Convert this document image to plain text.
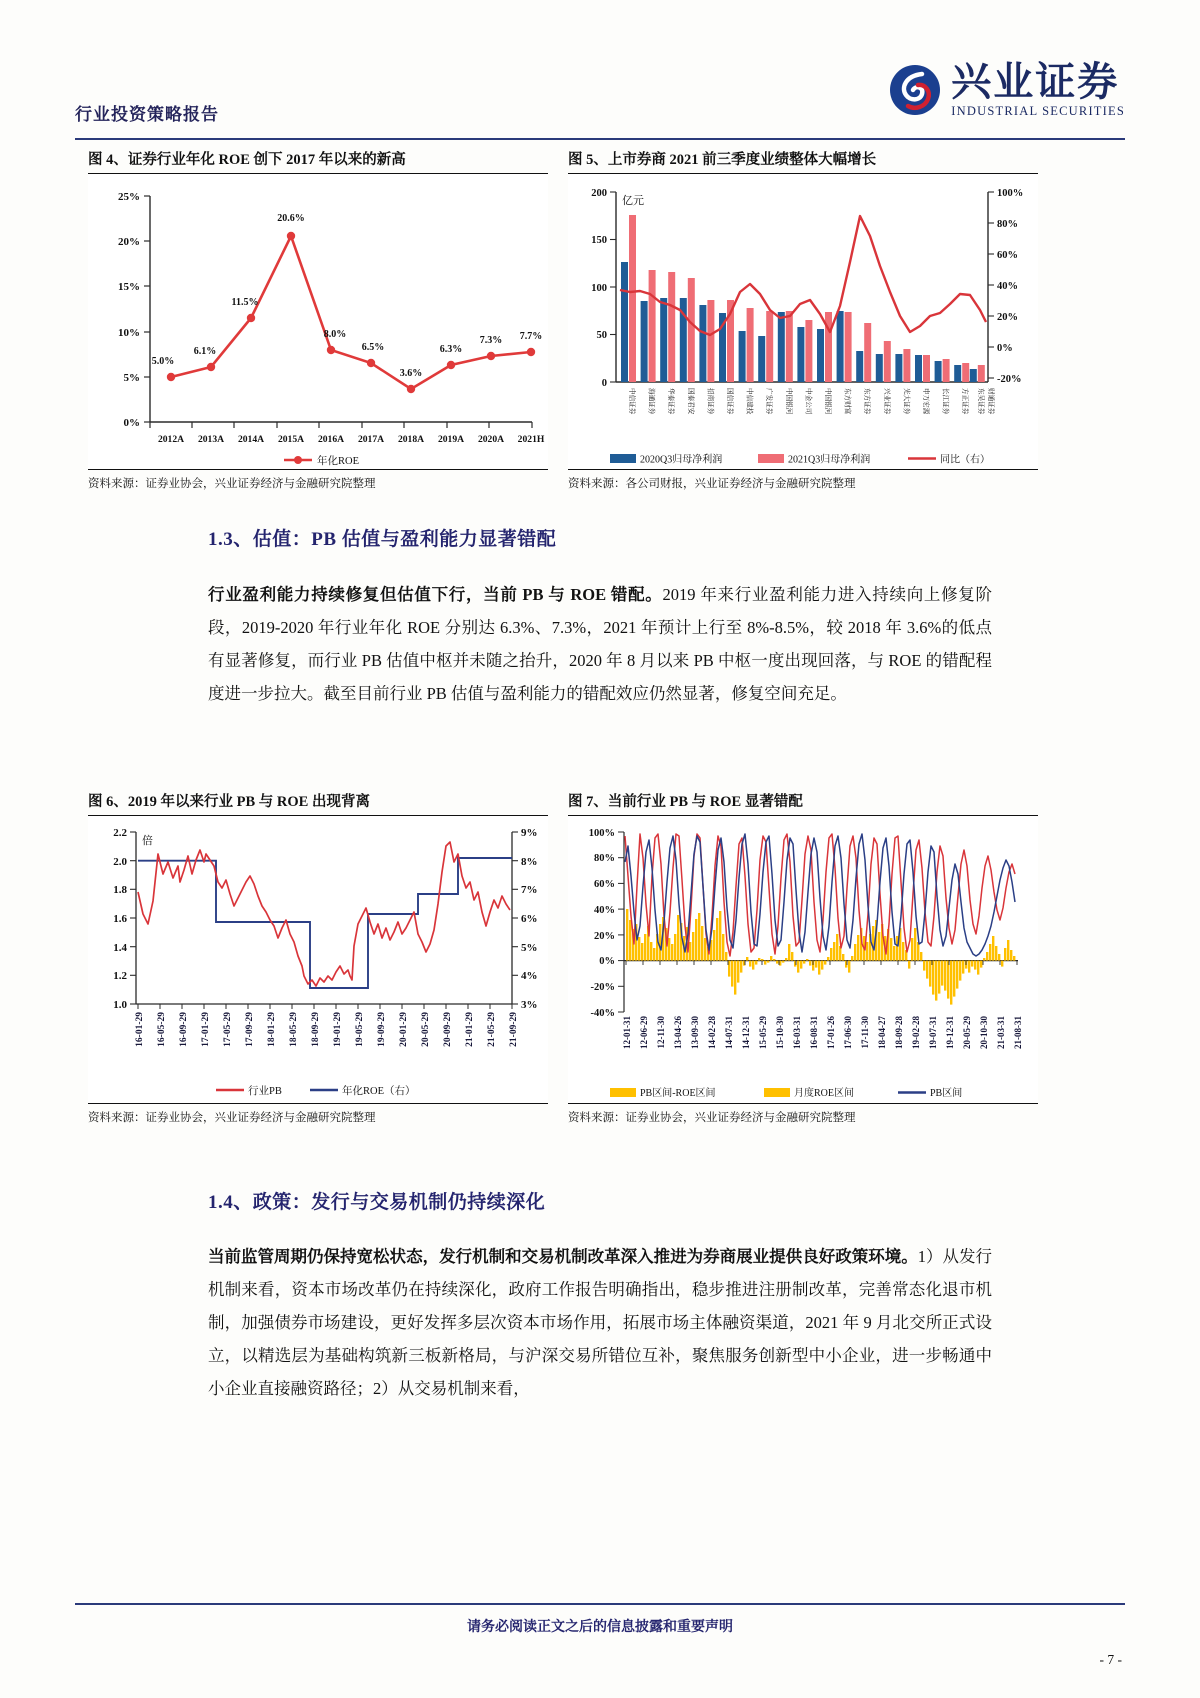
行业投资策略报告
兴业证券
INDUSTRIAL SECURITIES
图 4、证券行业年化 ROE 创下 2017 年以来的新高
25%
20%
15%
10%
5%
0%
2012A 2013A 2014A 2015A 2016A 2017A 2018A 2019A 2020A 2021H
5.0%
6.1%
11.5%
20.6%
8.0%
6.5%
3.6%
6.3%
7.3% 7.7%
年化ROE
资料来源：证券业协会，兴业证券经济与金融研究院整理
图 5、上市券商 2021 前三季度业绩整体大幅增长
200
150
100
50
0
100%
80%
60%
40%
20%
0%
-20%
亿元
中信证券	海通证券	华泰证券	国泰君安	招商证券	国信证券	中信建投	广发证券	中国银河	中金公司	中国银河	东方财富	东方证券	兴业证券	光大证券	申万宏源	长江证券	方正证券	东吴证券 财通证券
2020Q3归母净利润	2021Q3归母净利润	同比（右）
资料来源：各公司财报，兴业证券经济与金融研究院整理
1.3、估值：PB 估值与盈利能力显著错配
行业盈利能力持续修复但估值下行，当前 PB 与 ROE 错配。2019 年来行业盈利能力进入持续向上修复阶段，2019-2020 年行业年化 ROE 分别达 6.3%、7.3%，2021 年预计上行至 8%-8.5%，较 2018 年 3.6%的低点有显著修复，而行业 PB 估值中枢并未随之抬升，2020 年 8 月以来 PB 中枢一度出现回落，与 ROE 的错配程度进一步拉大。截至目前行业 PB 估值与盈利能力的错配效应仍然显著，修复空间充足。
图 6、2019 年以来行业 PB 与 ROE 出现背离
2.2
2.0
1.8
1.6
1.4
1.2
1.0
9%
8%
7%
6%
5%
4%
3%
倍
16-01-29 16-05-29 16-09-29 17-01-29 17-05-29 17-09-29 18-01-29 18-05-29 18-09-29 19-01-29 19-05-29 19-09-29 20-01-29 20-05-29 20-09-29 21-01-29 21-05-29 21-09-29
行业PB	年化ROE（右）
资料来源：证券业协会，兴业证券经济与金融研究院整理
图 7、当前行业 PB 与 ROE 显著错配
100%
80%
60%
40%
20%
0%
-20%
-40%
12-01-31 12-06-29 12-11-30 13-04-26 13-09-30 14-02-28 14-07-31 14-12-31 15-05-29 15-10-30 16-03-31 16-08-31 17-01-26 17-06-30 17-11-30 18-04-27 18-09-28 19-02-28 19-07-31 19-12-31 20-05-29 20-10-30 21-03-31 21-08-31
PB区间-ROE区间	月度ROE区间	PB区间
资料来源：证券业协会，兴业证券经济与金融研究院整理
1.4、政策：发行与交易机制仍持续深化
当前监管周期仍保持宽松状态，发行机制和交易机制改革深入推进为券商展业提供良好政策环境。1）从发行机制来看，资本市场改革仍在持续深化，政府工作报告明确指出，稳步推进注册制改革，完善常态化退市机制，加强债券市场建设，更好发挥多层次资本市场作用，拓展市场主体融资渠道，2021 年 9 月北交所正式设立，以精选层为基础构筑新三板新格局，与沪深交易所错位互补，聚焦服务创新型中小企业，进一步畅通中小企业直接融资路径；2）从交易机制来看，
请务必阅读正文之后的信息披露和重要声明
- 7 -
